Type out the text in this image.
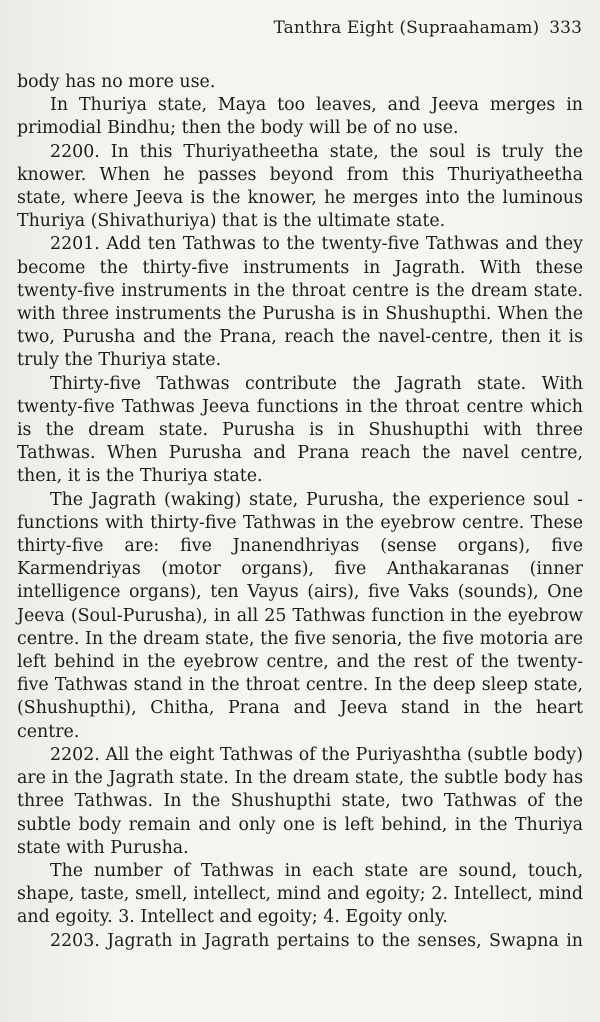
Tanthra Eight (Supraahamam) 333

body has no more use.

In Thuriya state, Maya too leaves, and Jeeva merges in primodial Bindhu; then the body will be of no use.

2200. In this Thuriyatheetha state, the soul is truly the knower. When he passes beyond from this Thuriyatheetha state, where Jeeva is the knower, he merges into the luminous Thuriya (Shivathuriya) that is the ultimate state.

2201. Add ten Tathwas to the twenty-five Tathwas and they become the thirty-five instruments in Jagrath. With these twenty-five instruments in the throat centre is the dream state. with three instruments the Purusha is in Shushupthi. When the two, Purusha and the Prana, reach the navel-centre, then it is truly the Thuriya state.

Thirty-five Tathwas contribute the Jagrath state. With twenty-five Tathwas Jeeva functions in the throat centre which is the dream state. Purusha is in Shushupthi with three Tathwas. When Purusha and Prana reach the navel centre, then, it is the Thuriya state.

The Jagrath (waking) state, Purusha, the experience soul - functions with thirty-five Tathwas in the eyebrow centre. These thirty-five are: five Jnanendhriyas (sense organs), five Karmendriyas (motor organs), five Anthakaranas (inner intelligence organs), ten Vayus (airs), five Vaks (sounds), One Jeeva (Soul-Purusha), in all 25 Tathwas function in the eyebrow centre. In the dream state, the five senoria, the five motoria are left behind in the eyebrow centre, and the rest of the twenty-five Tathwas stand in the throat centre. In the deep sleep state, (Shushupthi), Chitha, Prana and Jeeva stand in the heart centre.

2202. All the eight Tathwas of the Puriyashtha (subtle body) are in the Jagrath state. In the dream state, the subtle body has three Tathwas. In the Shushupthi state, two Tathwas of the subtle body remain and only one is left behind, in the Thuriya state with Purusha.

The number of Tathwas in each state are sound, touch, shape, taste, smell, intellect, mind and egoity; 2. Intellect, mind and egoity. 3. Intellect and egoity; 4. Egoity only.

2203. Jagrath in Jagrath pertains to the senses, Swapna in
